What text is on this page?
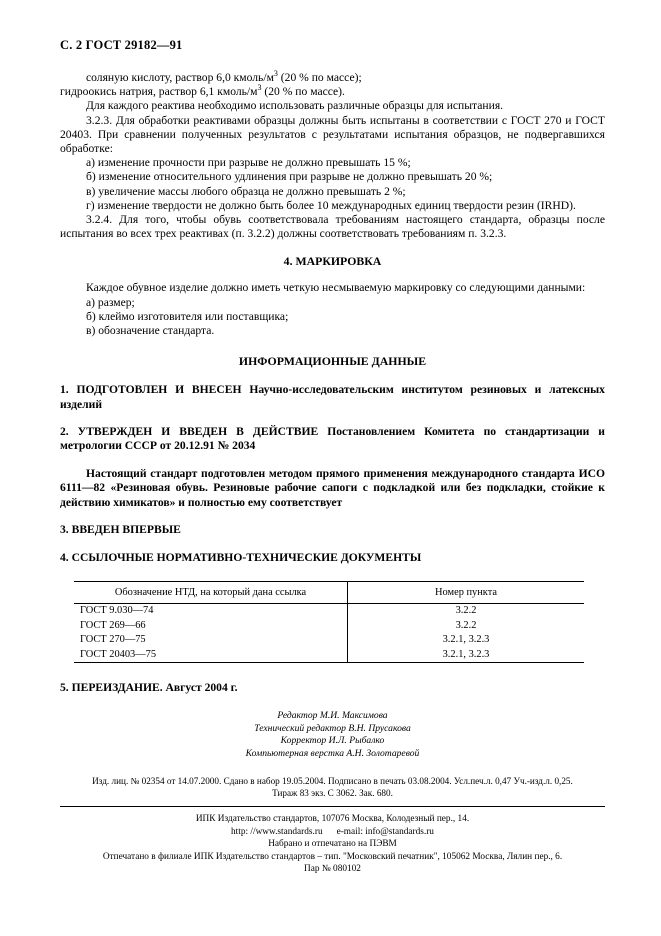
С. 2 ГОСТ 29182—91

соляную кислоту, раствор 6,0 кмоль/$м^3$ (20 % по массе);

гидроокись натрия, раствор 6,1 кмоль/$м^3$ (20 % по массе).

Для каждого реактива необходимо использовать различные образцы для испытания.

3.2.3. Для обработки реактивами образцы должны быть испытаны в соответствии с ГОСТ 270 и ГОСТ 20403. При сравнении полученных результатов с результатами испытания образцов, не подвергавшихся обработке:

а) изменение прочности при разрыве не должно превышать 15 %;

б) изменение относительного удлинения при разрыве не должно превышать 20 %;

в) увеличение массы любого образца не должно превышать 2 %;

г) изменение твердости не должно быть более 10 международных единиц твердости резин (IRHD).

3.2.4. Для того, чтобы обувь соответствовала требованиям настоящего стандарта, образцы после испытания во всех трех реактивах (п. 3.2.2) должны соответствовать требованиям п. 3.2.3.

4. МАРКИРОВКА

Каждое обувное изделие должно иметь четкую несмываемую маркировку со следующими данными:

а) размер;

б) клеймо изготовителя или поставщика;

в) обозначение стандарта.

ИНФОРМАЦИОННЫЕ ДАННЫЕ
1. ПОДГОТОВЛЕН И ВНЕСЕН Научно-исследовательским институтом резиновых и латексных изделий
2. УТВЕРЖДЕН И ВВЕДЕН В ДЕЙСТВИЕ Постановлением Комитета по стандартизации и метрологии СССР от 20.12.91 № 2034
Настоящий стандарт подготовлен методом прямого применения международного стандарта ИСО 6111—82 «Резиновая обувь. Резиновые рабочие сапоги с подкладкой или без подкладки, стойкие к действию химикатов» и полностью ему соответствует
3. ВВЕДЕН ВПЕРВЫЕ
4. ССЫЛОЧНЫЕ НОРМАТИВНО-ТЕХНИЧЕСКИЕ ДОКУМЕНТЫ
Обозначение НТД, на который дана ссылка	Номер пункта
ГОСТ 9.030—74	3.2.2
ГОСТ 269—66	3.2.2
ГОСТ 270—75	3.2.1, 3.2.3
ГОСТ 20403—75	3.2.1, 3.2.3
5. ПЕРЕИЗДАНИЕ. Август 2004 г.
Редактор М.И. Максимова
Технический редактор В.Н. Прусакова
Корректор И.Л. Рыбалко
Компьютерная верстка А.Н. Золотаревой
Изд. лиц. № 02354 от 14.07.2000. Сдано в набор 19.05.2004. Подписано в печать 03.08.2004. Усл.печ.л. 0,47 Уч.-изд.л. 0,25.
Тираж 83 экз. С 3062. Зак. 680.
ИПК Издательство стандартов, 107076 Москва, Колодезный пер., 14.
http: //www.standards.ru e-mail: info@standards.ru
Набрано и отпечатано на ПЭВМ
Отпечатано в филиале ИПК Издательство стандартов – тип. "Московский печатник", 105062 Москва, Лялин пер., 6.
Пар № 080102
